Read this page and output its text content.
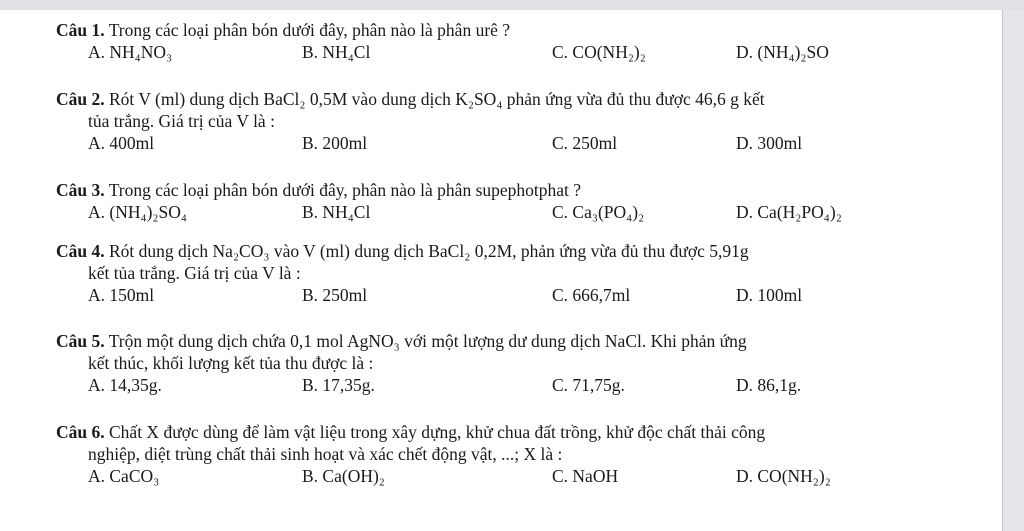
Câu 1. Trong các loại phân bón dưới đây, phân nào là phân urê ?

A. NH₄NO₃	B. NH₄Cl	C. CO(NH₂)₂	D. (NH₄)₂SO

Câu 2. Rót V (ml) dung dịch BaCl₂ 0,5M vào dung dịch K₂SO₄ phản ứng vừa đủ thu được 46,6 g kết
tủa trắng. Giá trị của V là :

A. 400ml	B. 200ml	C. 250ml	D. 300ml

Câu 3. Trong các loại phân bón dưới đây, phân nào là phân supephotphat ?

A. (NH₄)₂SO₄	B. NH₄Cl	C. Ca₃(PO₄)₂	D. Ca(H₂PO₄)₂

Câu 4. Rót dung dịch Na₂CO₃ vào V (ml) dung dịch BaCl₂ 0,2M, phản ứng vừa đủ thu được 5,91g
kết tủa trắng. Giá trị của V là :

A. 150ml	B. 250ml	C. 666,7ml	D. 100ml

Câu 5. Trộn một dung dịch chứa 0,1 mol AgNO₃ với một lượng dư dung dịch NaCl. Khi phản ứng
kết thúc, khối lượng kết tủa thu được là :

A. 14,35g.	B. 17,35g.	C. 71,75g.	D. 86,1g.

Câu 6. Chất X được dùng để làm vật liệu trong xây dựng, khử chua đất trồng, khử độc chất thải công
nghiệp, diệt trùng chất thải sinh hoạt và xác chết động vật, ...; X là :

A. CaCO₃	B. Ca(OH)₂	C. NaOH	D. CO(NH₂)₂
